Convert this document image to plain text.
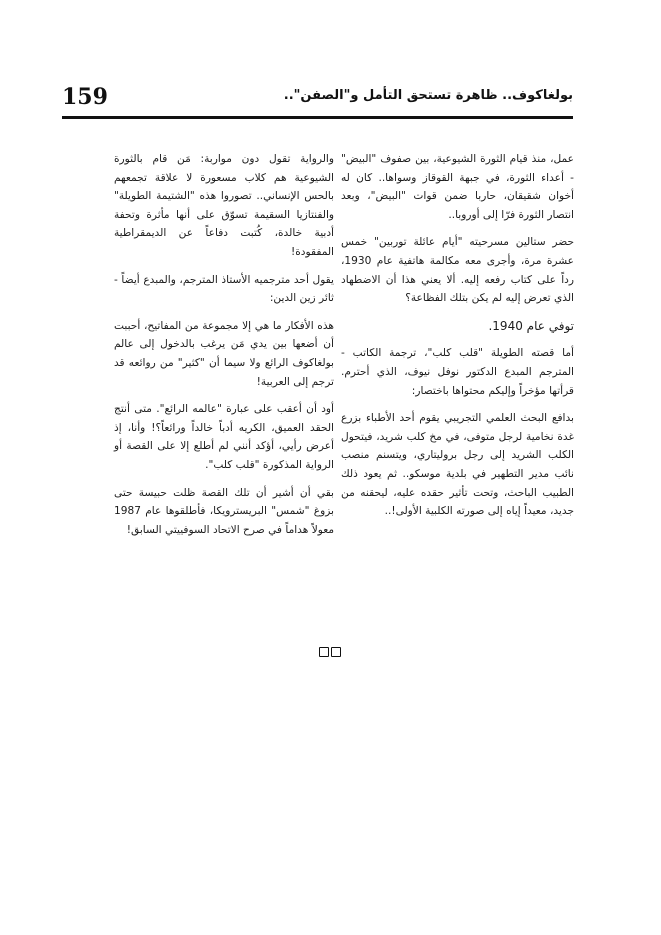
159	بولغاكوف.. ظاهرة تستحق التأمل و"الصفن"..

عمل، منذ قيام الثورة الشيوعية، بين صفوف "البيض" - أعداء الثورة، في جبهة القوقاز وسواها.. كان له أخوان شقيقان، حاربا ضمن قوات "البيض"، وبعد انتصار الثورة فرّا إلى أوروبا..

حضر ستالين مسرحيته "أيام عائلة توربين" خمس عشرة مرة، وأجرى معه مكالمة هاتفية عام 1930، رداً على كتاب رفعه إليه. ألا يعني هذا أن الاضطهاد الذي تعرض إليه لم يكن بتلك الفظاعة؟

توفي عام 1940.

أما قصته الطويلة "قلب كلب"، ترجمة الكاتب - المترجم المبدع الدكتور نوفل نيوف، الذي أحترم. قرأتها مؤخراً وإليكم محتواها باختصار:

بدافع البحث العلمي التجريبي يقوم أحد الأطباء بزرع غدة نخامية لرجل متوفى، في مخ كلب شريد، فيتحول الكلب الشريد إلى رجل بروليتاري، ويتسنم منصب نائب مدير التطهير في بلدية موسكو.. ثم يعود ذلك الطبيب الباحث، وتحت تأثير حقده عليه، ليحقنه من جديد، معيداً إياه إلى صورته الكلبية الأولى!..

والرواية تقول دون مواربة: مَن قام بالثورة الشيوعية هم كلاب مسعورة لا علاقة تجمعهم بالحس الإنساني.. تصوروا هذه "الشتيمة الطويلة" والفنتازيا السقيمة تسوّق على أنها مأثرة وتحفة أدبية خالدة، كُتبت دفاعاً عن الديمقراطية المفقودة!

يقول أحد مترجميه الأستاذ المترجم، والمبدع أيضاً - ثائر زين الدين:

هذه الأفكار ما هي إلا مجموعة من المفاتيح، أحببت أن أضعها بين يدي مَن يرغب بالدخول إلى عالم بولغاكوف الرائع ولا سيما أن "كثير" من روائعه قد ترجم إلى العربية!

أود أن أعقب على عبارة "عالمه الرائع". متى أنتج الحقد العميق، الكريه أدباً خالداً ورائعاً؟! وأنا، إذ أعرض رأيي، أؤكد أنني لم أطلع إلا على القصة أو الرواية المذكورة "قلب كلب".

بقي أن أشير أن تلك القصة ظلت حبيسة حتى بزوغ "شمس" البريسترويكا، فأطلقوها عام 1987 معولاً هداماً في صرح الاتحاد السوفييتي السابق!
